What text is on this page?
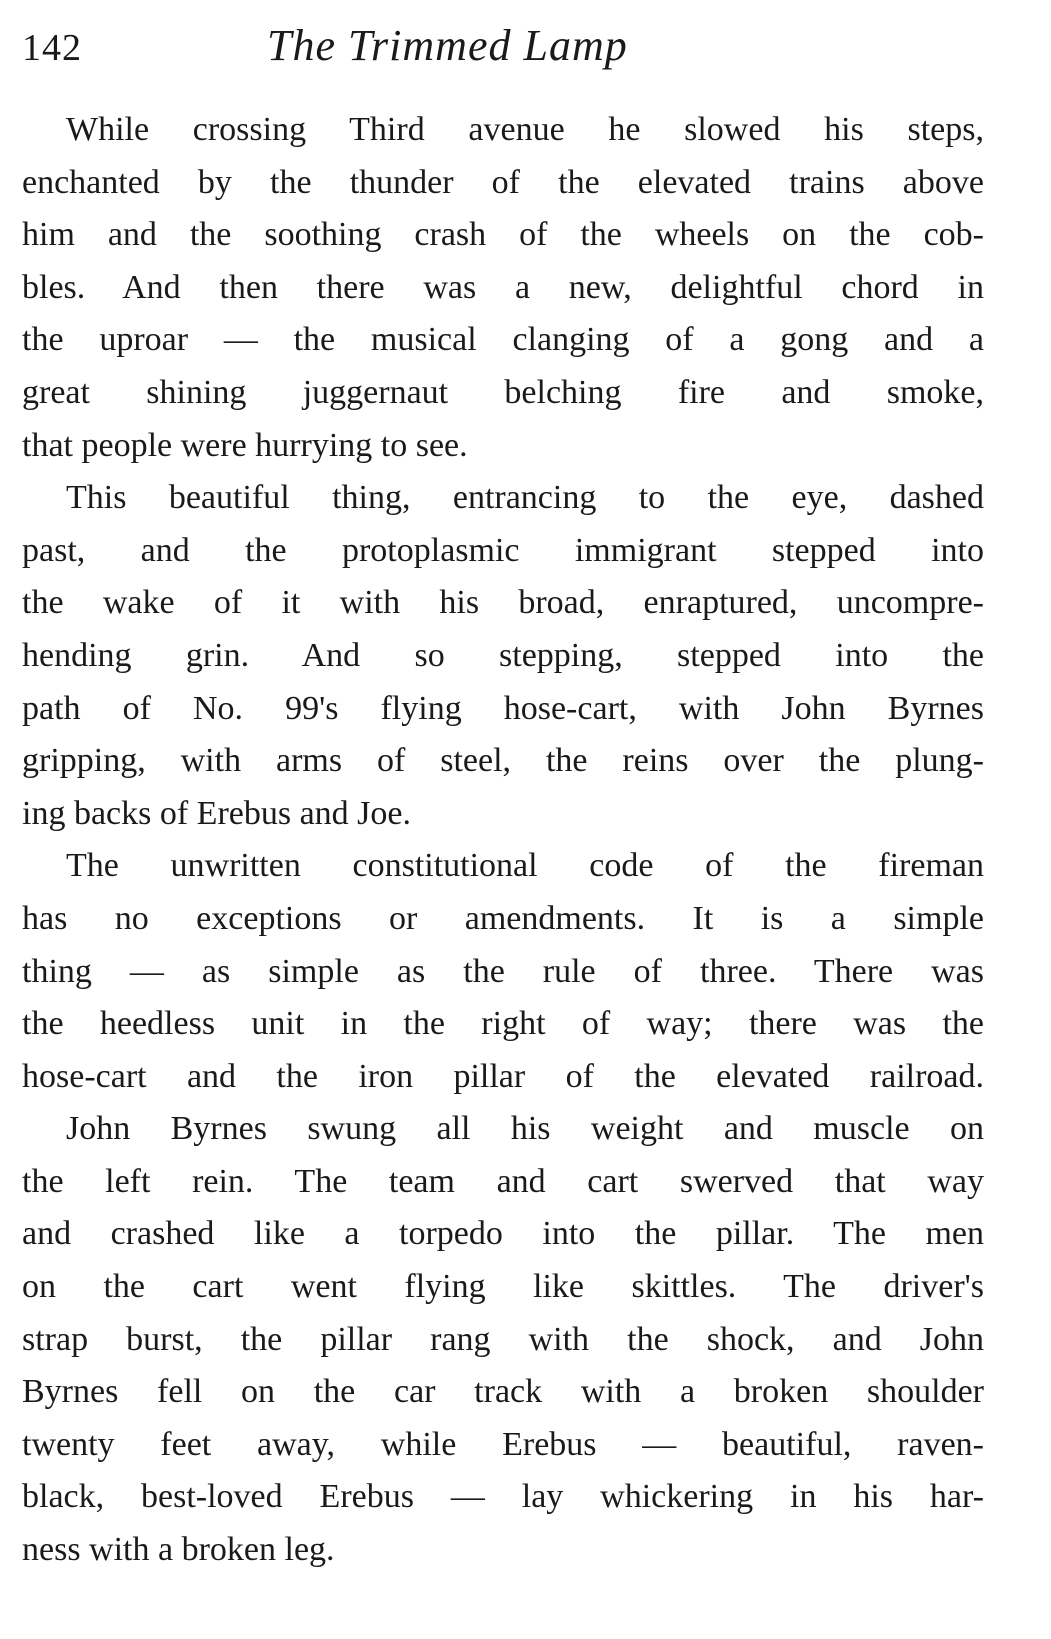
142	The Trimmed Lamp
While crossing Third avenue he slowed his steps,
enchanted by the thunder of the elevated trains above
him and the soothing crash of the wheels on the cob-
bles. And then there was a new, delightful chord in
the uproar — the musical clanging of a gong and a
great shining juggernaut belching fire and smoke,
that people were hurrying to see.
This beautiful thing, entrancing to the eye, dashed
past, and the protoplasmic immigrant stepped into
the wake of it with his broad, enraptured, uncompre-
hending grin. And so stepping, stepped into the
path of No. 99's flying hose-cart, with John Byrnes
gripping, with arms of steel, the reins over the plung-
ing backs of Erebus and Joe.
The unwritten constitutional code of the fireman
has no exceptions or amendments. It is a simple
thing — as simple as the rule of three. There was
the heedless unit in the right of way; there was the
hose-cart and the iron pillar of the elevated railroad.
John Byrnes swung all his weight and muscle on
the left rein. The team and cart swerved that way
and crashed like a torpedo into the pillar. The men
on the cart went flying like skittles. The driver's
strap burst, the pillar rang with the shock, and John
Byrnes fell on the car track with a broken shoulder
twenty feet away, while Erebus — beautiful, raven-
black, best-loved Erebus — lay whickering in his har-
ness with a broken leg.
